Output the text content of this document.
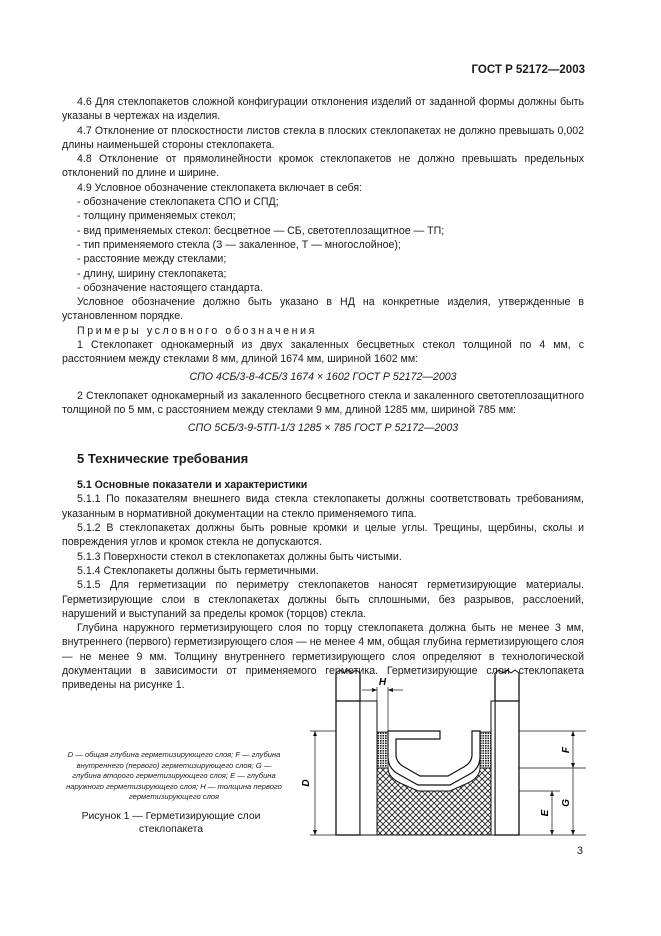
ГОСТ Р 52172—2003

4.6 Для стеклопакетов сложной конфигурации отклонения изделий от заданной формы должны быть указаны в чертежах на изделия.

4.7 Отклонение от плоскостности листов стекла в плоских стеклопакетах не должно превышать 0,002 длины наименьшей стороны стеклопакета.

4.8 Отклонение от прямолинейности кромок стеклопакетов не должно превышать предельных отклонений по длине и ширине.

4.9 Условное обозначение стеклопакета включает в себя:

- обозначение стеклопакета СПО и СПД;

- толщину применяемых стекол;

- вид применяемых стекол: бесцветное — СБ, светотеплозащитное — ТП;

- тип применяемого стекла (З — закаленное, Т — многослойное);

- расстояние между стеклами;

- длину, ширину стеклопакета;

- обозначение настоящего стандарта.

Условное обозначение должно быть указано в НД на конкретные изделия, утвержденные в установленном порядке.

Примеры условного обозначения

1 Стеклопакет однокамерный из двух закаленных бесцветных стекол толщиной по 4 мм, с расстоянием между стеклами 8 мм, длиной 1674 мм, шириной 1602 мм:

СПО 4СБ/3-8-4СБ/3 1674 × 1602 ГОСТ Р 52172—2003

2 Стеклопакет однокамерный из закаленного бесцветного стекла и закаленного светотеплозащитного толщиной по 5 мм, с расстоянием между стеклами 9 мм, длиной 1285 мм, шириной 785 мм:

СПО 5СБ/3-9-5ТП-1/3 1285 × 785 ГОСТ Р 52172—2003

5 Технические требования

5.1 Основные показатели и характеристики

5.1.1 По показателям внешнего вида стекла стеклопакеты должны соответствовать требованиям, указанным в нормативной документации на стекло применяемого типа.

5.1.2 В стеклопакетах должны быть ровные кромки и целые углы. Трещины, щербины, сколы и повреждения углов и кромок стекла не допускаются.

5.1.3 Поверхности стекол в стеклопакетах должны быть чистыми.

5.1.4 Стеклопакеты должны быть герметичными.

5.1.5 Для герметизации по периметру стеклопакетов наносят герметизирующие материалы. Герметизирующие слои в стеклопакетах должны быть сплошными, без разрывов, расслоений, нарушений и выступаний за пределы кромок (торцов) стекла.

Глубина наружного герметизирующего слоя по торцу стеклопакета должна быть не менее 3 мм, внутреннего (первого) герметизирующего слоя — не менее 4 мм, общая глубина герметизирующего слоя — не менее 9 мм. Толщину внутреннего герметизирующего слоя определяют в технологической документации в зависимости от применяемого герметика. Герметизирующие слои стеклопакета приведены на рисунке 1.

D — общая глубина герметизирующего слоя; F — глубина внутреннего (первого) герметизирующего слоя; G — глубина второго герметизирующего слоя; E — глубина наружного герметизирующего слоя; H — толщина первого герметизирующего слоя
Рисунок 1 — Герметизирующие слои стеклопакета
H
D
F
E
G
3
